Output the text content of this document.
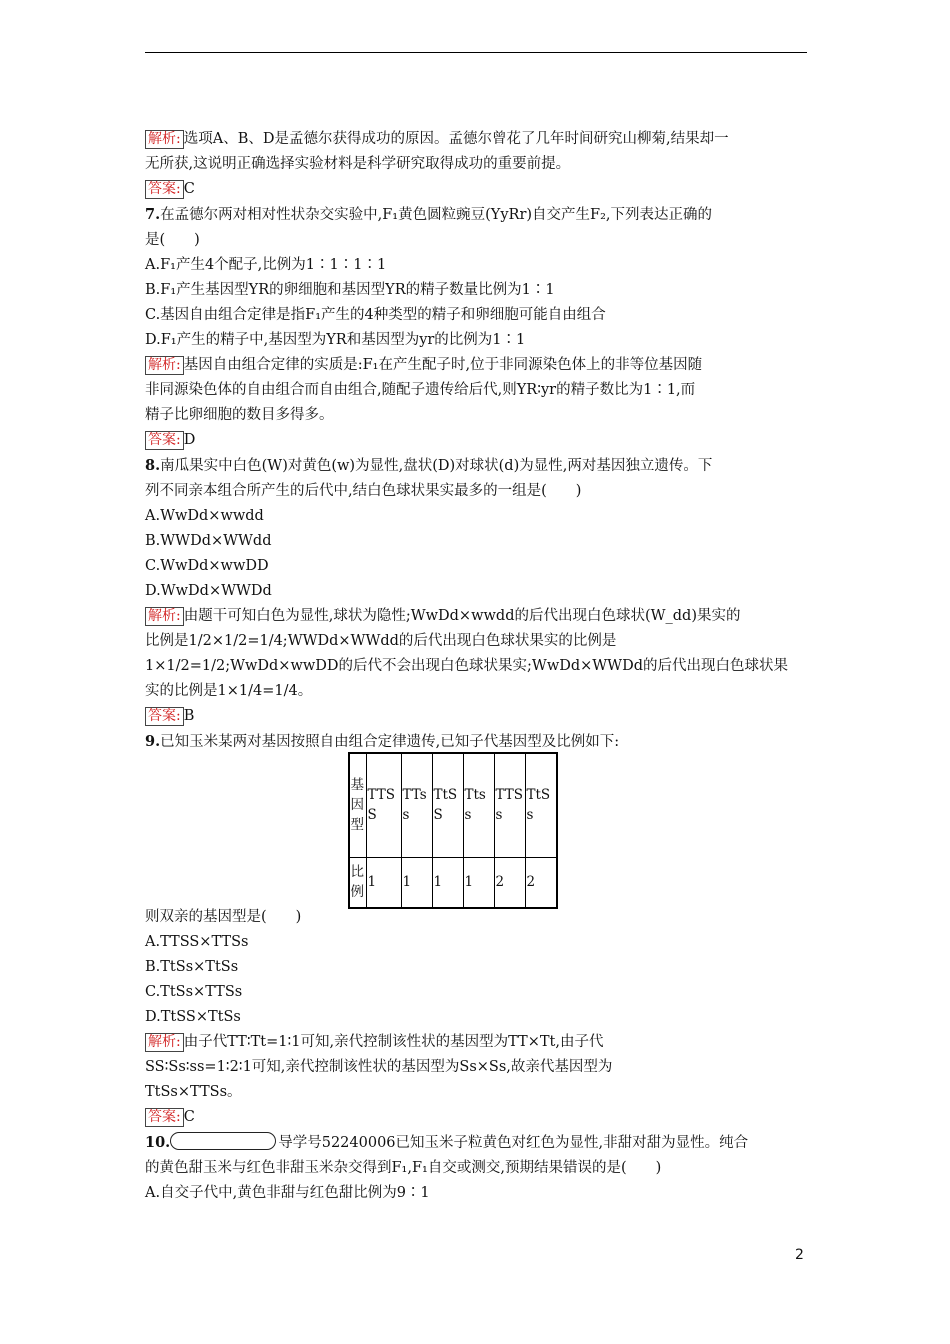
解析: 选项A、B、D是孟德尔获得成功的原因。孟德尔曾花了几年时间研究山柳菊,结果却一
无所获,这说明正确选择实验材料是科学研究取得成功的重要前提。
答案: C
7.在孟德尔两对相对性状杂交实验中,F₁黄色圆粒豌豆(YyRr)自交产生F₂,下列表达正确的
是(　　)
A.F₁产生4个配子,比例为1∶1∶1∶1
B.F₁产生基因型YR的卵细胞和基因型YR的精子数量比例为1∶1
C.基因自由组合定律是指F₁产生的4种类型的精子和卵细胞可能自由组合
D.F₁产生的精子中,基因型为YR和基因型为yr的比例为1∶1
解析: 基因自由组合定律的实质是:F₁在产生配子时,位于非同源染色体上的非等位基因随
非同源染色体的自由组合而自由组合,随配子遗传给后代,则YR∶yr的精子数比为1∶1,而
精子比卵细胞的数目多得多。
答案: D
8.南瓜果实中白色(W)对黄色(w)为显性,盘状(D)对球状(d)为显性,两对基因独立遗传。下
列不同亲本组合所产生的后代中,结白色球状果实最多的一组是(　　)
A.WwDd×wwdd
B.WWDd×WWdd
C.WwDd×wwDD
D.WwDd×WWDd
解析: 由题干可知白色为显性,球状为隐性;WwDd×wwdd的后代出现白色球状(W_dd)果实的
比例是1/2×1/2=1/4;WWDd×WWdd的后代出现白色球状果实的比例是
1×1/2=1/2;WwDd×wwDD的后代不会出现白色球状果实;WwDd×WWDd的后代出现白色球状果
实的比例是1×1/4=1/4。
答案: B
9.已知玉米某两对基因按照自由组合定律遗传,已知子代基因型及比例如下:
基因型	TTSS	TTss	TtSS	Ttss	TTSs	TtSs
比例	1	1	1	1	2	2
则双亲的基因型是(　　)
A.TTSS×TTSs
B.TtSs×TtSs
C.TtSs×TTSs
D.TtSS×TtSs
解析: 由子代TT∶Tt=1∶1可知,亲代控制该性状的基因型为TT×Tt,由子代
SS∶Ss∶ss=1∶2∶1可知,亲代控制该性状的基因型为Ss×Ss,故亲代基因型为
TtSs×TTSs。
答案: C
10.	导学号52240006已知玉米子粒黄色对红色为显性,非甜对甜为显性。纯合
的黄色甜玉米与红色非甜玉米杂交得到F₁,F₁自交或测交,预期结果错误的是(　　)
A.自交子代中,黄色非甜与红色甜比例为9∶1
2
